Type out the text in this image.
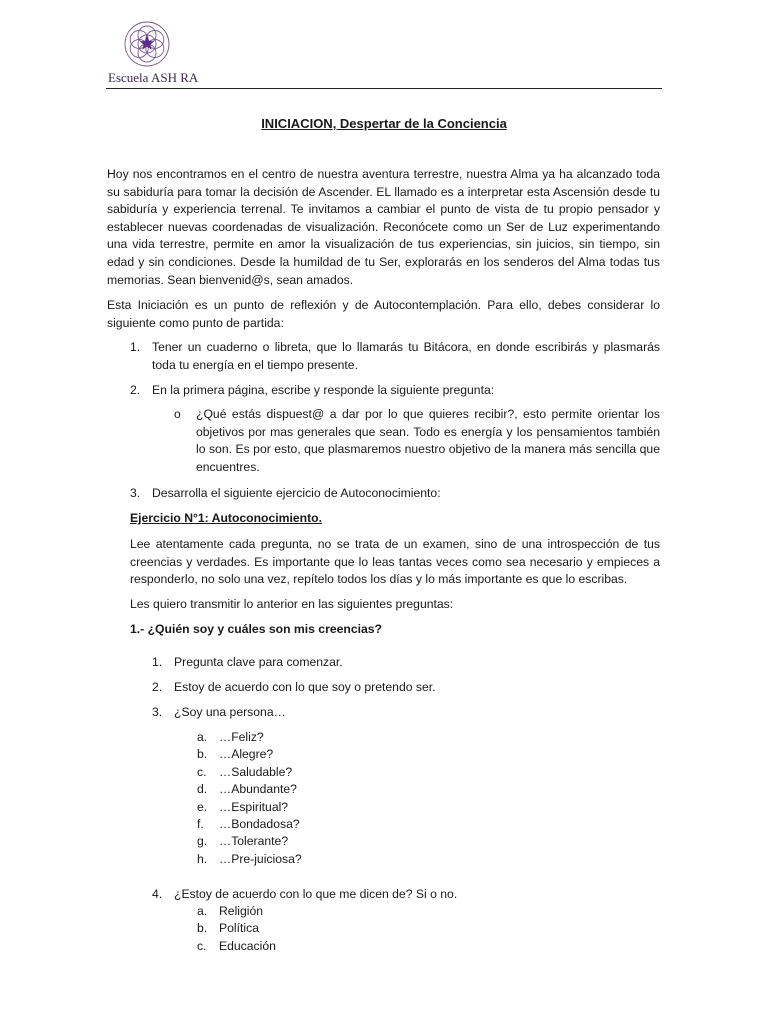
Escuela ASH RA
INICIACION, Despertar de la Conciencia
Hoy nos encontramos en el centro de nuestra aventura terrestre, nuestra Alma ya ha alcanzado toda su sabiduría para tomar la decisión de Ascender. EL llamado es a interpretar esta Ascensión desde tu sabiduría y experiencia terrenal. Te invitamos a cambiar el punto de vista de tu propio pensador y establecer nuevas coordenadas de visualización. Reconócete como un Ser de Luz experimentando una vida terrestre, permite en amor la visualización de tus experiencias, sin juicios, sin tiempo, sin edad y sin condiciones. Desde la humildad de tu Ser, explorarás en los senderos del Alma todas tus memorias. Sean bienvenid@s, sean amados.
Esta Iniciación es un punto de reflexión y de Autocontemplación. Para ello, debes considerar lo siguiente como punto de partida:
1. Tener un cuaderno o libreta, que lo llamarás tu Bitácora, en donde escribirás y plasmarás toda tu energía en el tiempo presente.
2. En la primera página, escribe y responde la siguiente pregunta:
o ¿Qué estás dispuest@ a dar por lo que quieres recibir?, esto permite orientar los objetivos por mas generales que sean. Todo es energía y los pensamientos también lo son. Es por esto, que plasmaremos nuestro objetivo de la manera más sencilla que encuentres.
3. Desarrolla el siguiente ejercicio de Autoconocimiento:
Ejercicio N°1: Autoconocimiento.
Lee atentamente cada pregunta, no se trata de un examen, sino de una introspección de tus creencias y verdades. Es importante que lo leas tantas veces como sea necesario y empieces a responderlo, no solo una vez, repítelo todos los días y lo más importante es que lo escribas.
Les quiero transmitir lo anterior en las siguientes preguntas:
1.- ¿Quién soy y cuáles son mis creencias?
1. Pregunta clave para comenzar.
2. Estoy de acuerdo con lo que soy o pretendo ser.
3. ¿Soy una persona…
a. …Feliz?
b. …Alegre?
c. …Saludable?
d. …Abundante?
e. …Espiritual?
f. …Bondadosa?
g. …Tolerante?
h. …Pre-juiciosa?
4. ¿Estoy de acuerdo con lo que me dicen de? Si o no.
a. Religión
b. Política
c. Educación
